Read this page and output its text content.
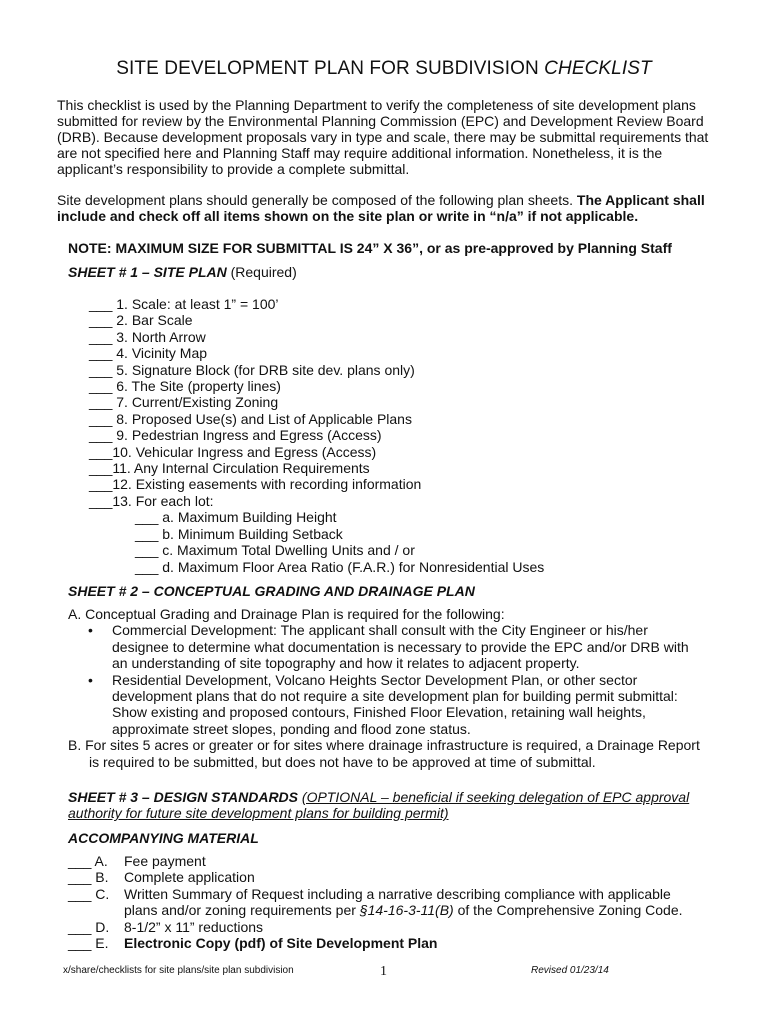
SITE DEVELOPMENT PLAN FOR SUBDIVISION CHECKLIST
This checklist is used by the Planning Department to verify the completeness of site development plans
submitted for review by the Environmental Planning Commission (EPC) and Development Review Board
(DRB). Because development proposals vary in type and scale, there may be submittal requirements that
are not specified here and Planning Staff may require additional information. Nonetheless, it is the
applicant’s responsibility to provide a complete submittal.
Site development plans should generally be composed of the following plan sheets. The Applicant shall
include and check off all items shown on the site plan or write in “n/a” if not applicable.
NOTE: MAXIMUM SIZE FOR SUBMITTAL IS 24” X 36”, or as pre-approved by Planning Staff
SHEET # 1 – SITE PLAN (Required)
___ 1. Scale: at least 1” = 100’
___ 2. Bar Scale
___ 3. North Arrow
___ 4. Vicinity Map
___ 5. Signature Block (for DRB site dev. plans only)
___ 6. The Site (property lines)
___ 7. Current/Existing Zoning
___ 8. Proposed Use(s) and List of Applicable Plans
___ 9. Pedestrian Ingress and Egress (Access)
___10. Vehicular Ingress and Egress (Access)
___11. Any Internal Circulation Requirements
___12. Existing easements with recording information
___13. For each lot:
___ a. Maximum Building Height
___ b. Minimum Building Setback
___ c. Maximum Total Dwelling Units and / or
___ d. Maximum Floor Area Ratio (F.A.R.) for Nonresidential Uses
SHEET # 2 – CONCEPTUAL GRADING AND DRAINAGE PLAN
A. Conceptual Grading and Drainage Plan is required for the following:
• Commercial Development: The applicant shall consult with the City Engineer or his/her
designee to determine what documentation is necessary to provide the EPC and/or DRB with
an understanding of site topography and how it relates to adjacent property.
• Residential Development, Volcano Heights Sector Development Plan, or other sector
development plans that do not require a site development plan for building permit submittal:
Show existing and proposed contours, Finished Floor Elevation, retaining wall heights,
approximate street slopes, ponding and flood zone status.
B. For sites 5 acres or greater or for sites where drainage infrastructure is required, a Drainage Report
is required to be submitted, but does not have to be approved at time of submittal.
SHEET # 3 – DESIGN STANDARDS (OPTIONAL – beneficial if seeking delegation of EPC approval
authority for future site development plans for building permit)
ACCOMPANYING MATERIAL
___ A. Fee payment
___ B. Complete application
___ C. Written Summary of Request including a narrative describing compliance with applicable
plans and/or zoning requirements per §14-16-3-11(B) of the Comprehensive Zoning Code.
___ D. 8-1/2” x 11” reductions
___ E. Electronic Copy (pdf) of Site Development Plan
x/share/checklists for site plans/site plan subdivision	1	Revised 01/23/14
